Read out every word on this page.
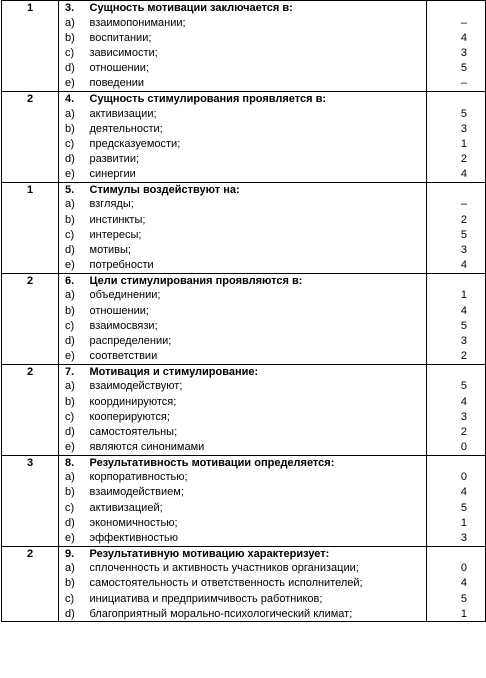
1	3.	Сущность мотивации заключается в:	
	a)	взаимопонимании;	–
	b)	воспитании;	4
	c)	зависимости;	3
	d)	отношении;	5
	e)	поведении	–
2	4.	Сущность стимулирования проявляется в:	
	a)	активизации;	5
	b)	деятельности;	3
	c)	предсказуемости;	1
	d)	развитии;	2
	e)	синергии	4
1	5.	Стимулы воздействуют на:	
	a)	взгляды;	–
	b)	инстинкты;	2
	c)	интересы;	5
	d)	мотивы;	3
	e)	потребности	4
2	6.	Цели стимулирования проявляются в:	
	a)	объединении;	1
	b)	отношении;	4
	c)	взаимосвязи;	5
	d)	распределении;	3
	e)	соответствии	2
2	7.	Мотивация и стимулирование:	
	a)	взаимодействуют;	5
	b)	координируются;	4
	c)	кооперируются;	3
	d)	самостоятельны;	2
	e)	являются синонимами	0
3	8.	Результативность мотивации определяется:	
	a)	корпоративностью;	0
	b)	взаимодействием;	4
	c)	активизацией;	5
	d)	экономичностью;	1
	e)	эффективностью	3
2	9.	Результативную мотивацию характеризует:	
	a)	сплоченность и активность участников организации;	0
	b)	самостоятельность и ответственность исполнителей;	4
	c)	инициатива и предприимчивость работников;	5
	d)	благоприятный морально-психологический климат;	1
